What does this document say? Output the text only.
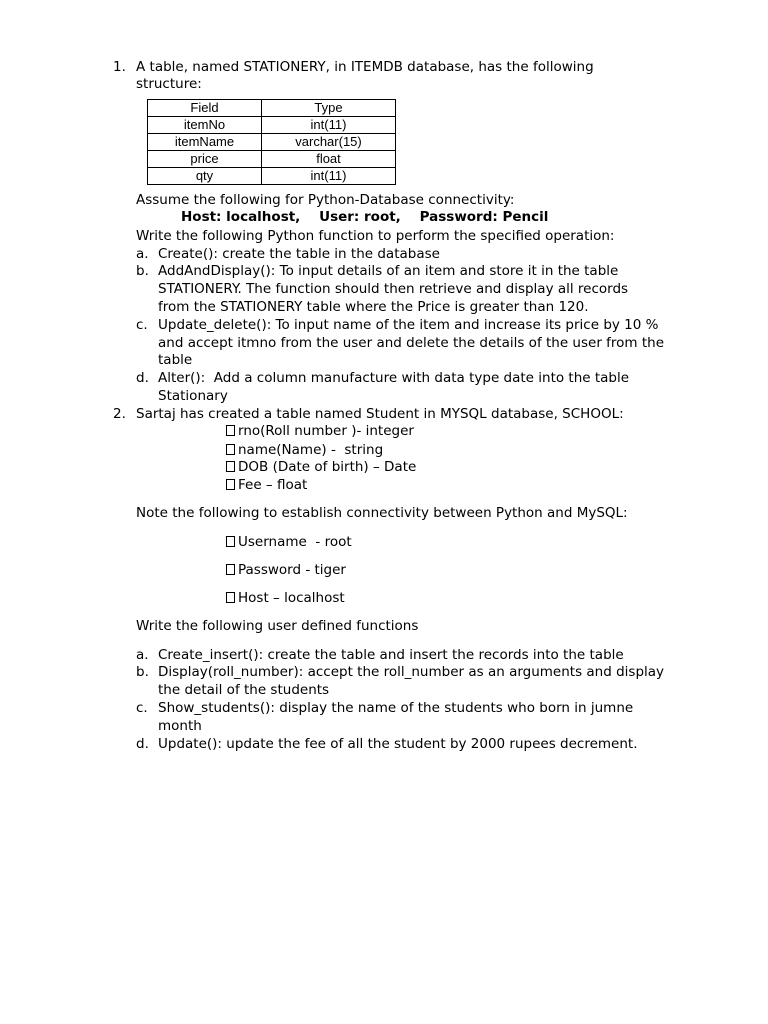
1. A table, named STATIONERY, in ITEMDB database, has the following
structure:
Field	Type
itemNo	int(11)
itemName	varchar(15)
price	float
qty	int(11)
Assume the following for Python-Database connectivity:
Host: localhost,    User: root,    Password: Pencil
Write the following Python function to perform the specified operation:
a. Create(): create the table in the database
b. AddAndDisplay(): To input details of an item and store it in the table
STATIONERY. The function should then retrieve and display all records
from the STATIONERY table where the Price is greater than 120.
c. Update_delete(): To input name of the item and increase its price by 10 %
and accept itmno from the user and delete the details of the user from the
table
d. Alter():  Add a column manufacture with data type date into the table
Stationary
2. Sartaj has created a table named Student in MYSQL database, SCHOOL:
rno(Roll number )- integer
name(Name) -  string
DOB (Date of birth) – Date
Fee – float
Note the following to establish connectivity between Python and MySQL:
Username  - root
Password - tiger
Host – localhost
Write the following user defined functions
a. Create_insert(): create the table and insert the records into the table
b. Display(roll_number): accept the roll_number as an arguments and display
the detail of the students
c. Show_students(): display the name of the students who born in jumne
month
d. Update(): update the fee of all the student by 2000 rupees decrement.
